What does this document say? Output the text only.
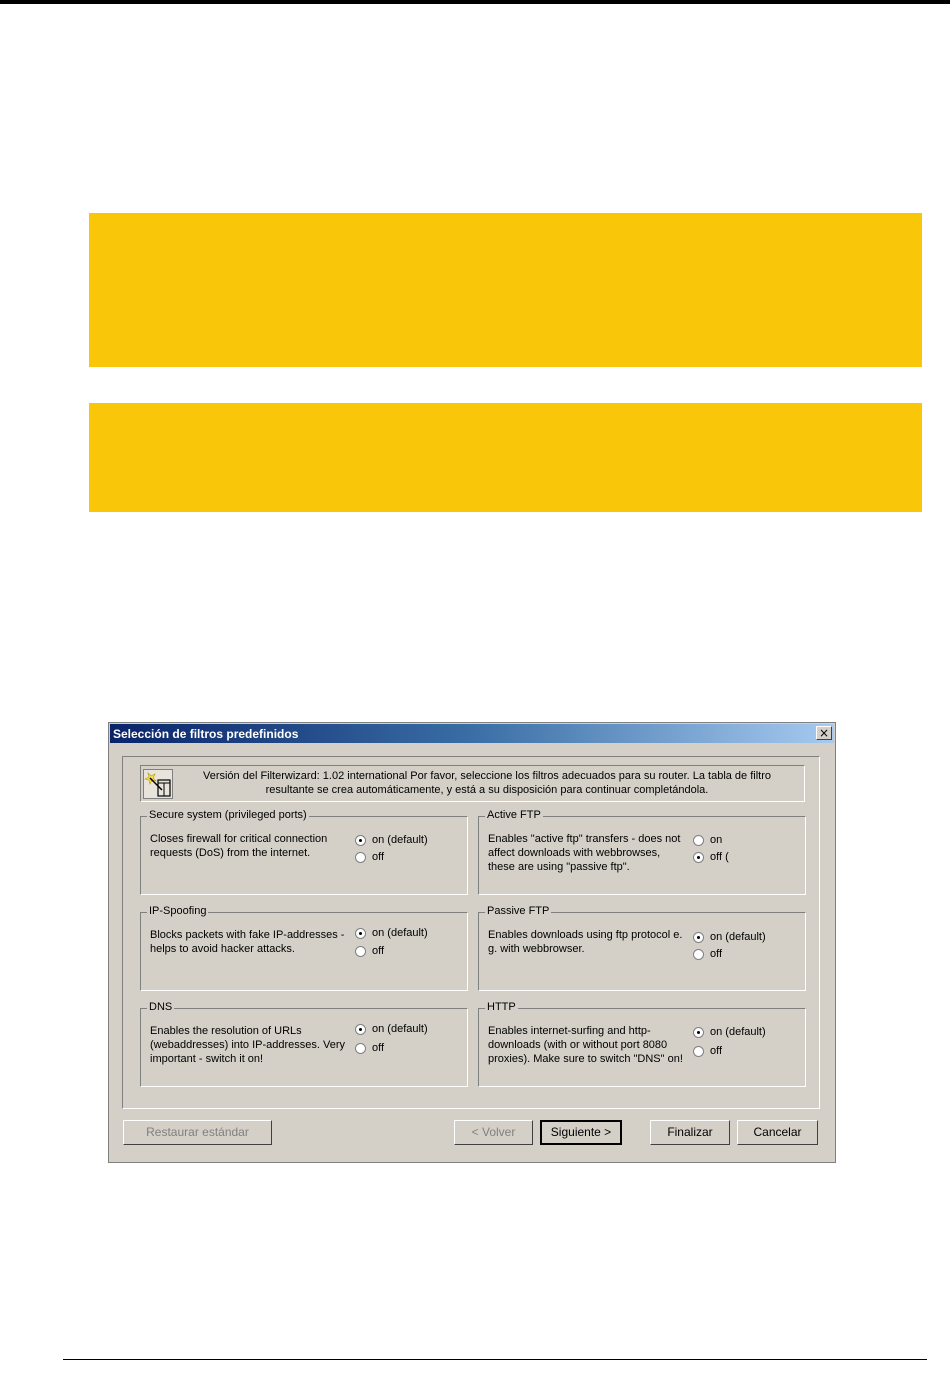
Selección de filtros predefinidos	×
Versión del Filterwizard: 1.02 international Por favor, seleccione los filtros adecuados para su router. La tabla de filtro
resultante se crea automáticamente, y está a su disposición para continuar completándola.
Secure system (privileged ports)
Closes firewall for critical connection requests (DoS) from the internet.
on (default)
off
Active FTP
Enables "active ftp" transfers - does not affect downloads with webbrowses, these are using "passive ftp".
on
off (
IP-Spoofing
Blocks packets with fake IP-addresses - helps to avoid hacker attacks.
on (default)
off
Passive FTP
Enables downloads using ftp protocol e. g. with webbrowser.
on (default)
off
DNS
Enables the resolution of URLs (webaddresses) into IP-addresses. Very important - switch it on!
on (default)
off
HTTP
Enables internet-surfing and http-downloads (with or without port 8080 proxies). Make sure to switch "DNS" on!
on (default)
off
Restaurar estándar	< Volver	Siguiente >	Finalizar	Cancelar
